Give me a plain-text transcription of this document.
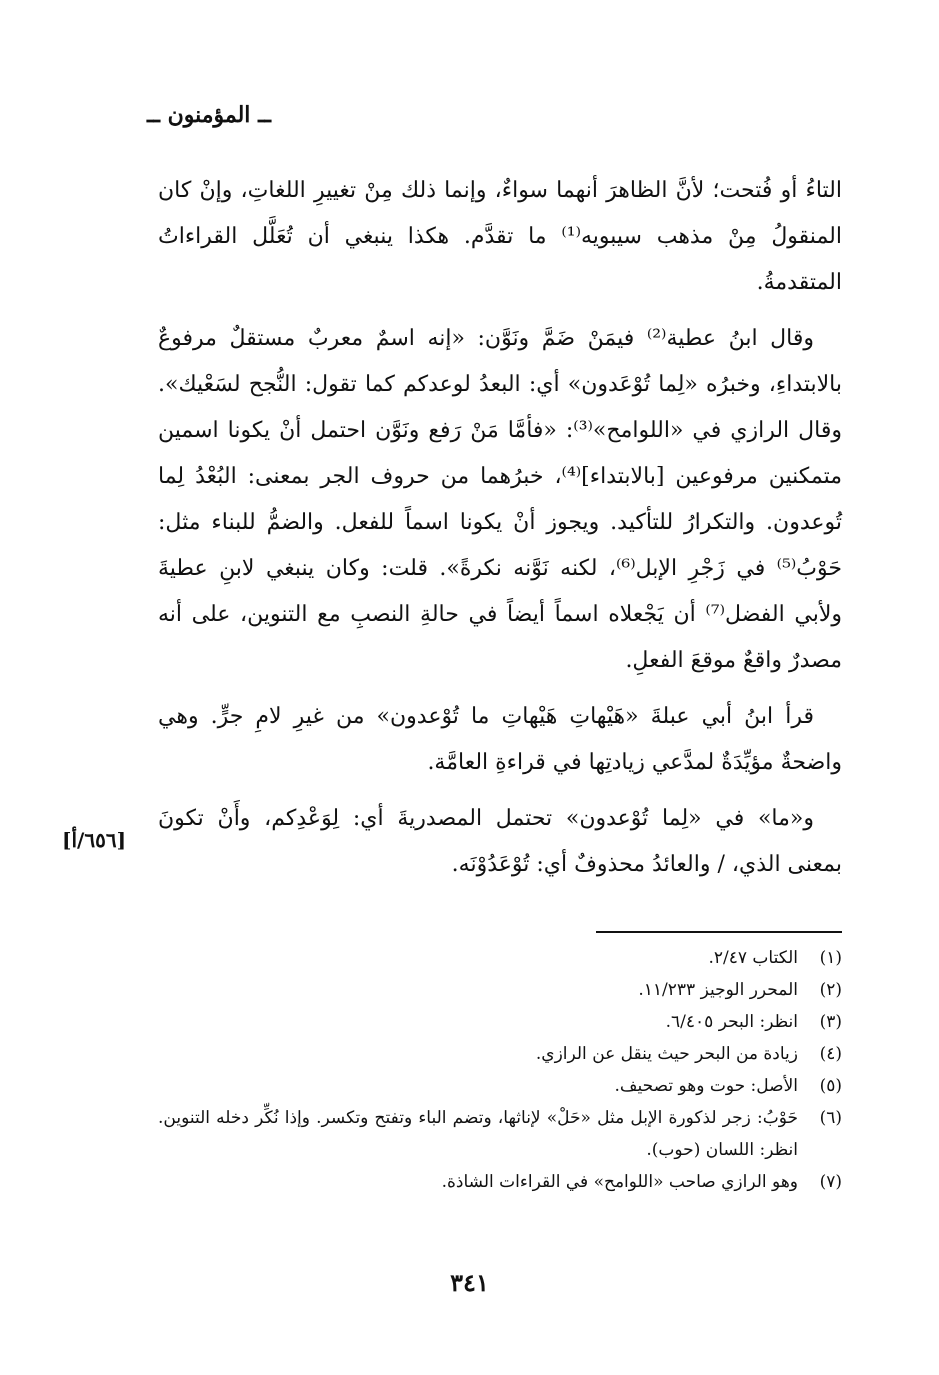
ــ المؤمنون ــ

التاءُ أو فُتحت؛ لأنَّ الظاهرَ أنهما سواءٌ، وإنما ذلك مِنْ تغييرِ اللغاتِ، وإنْ كان المنقولُ مِنْ مذهب سيبويه⁽¹⁾ ما تقدَّم. هكذا ينبغي أن تُعَلَّل القراءاتُ المتقدمةُ.

وقال ابنُ عطية⁽²⁾ فيمَنْ ضَمَّ ونَوَّن: «إنه اسمٌ معربٌ مستقلٌ مرفوعٌ بالابتداءِ، وخبرُه «لِما تُوْعَدون» أي: البعدُ لوعدكم كما تقول: النُّجح لسَعْيك». وقال الرازي في «اللوامح»⁽³⁾: «فأمَّا مَنْ رَفع ونَوَّن احتمل أنْ يكونا اسمين متمكنين مرفوعين [بالابتداء]⁽⁴⁾، خبرُهما من حروف الجر بمعنى: البُعْدُ لِما تُوعدون. والتكرارُ للتأكيد. ويجوز أنْ يكونا اسماً للفعل. والضمُّ للبناء مثل: حَوْبُ⁽⁵⁾ في زَجْرِ الإبل⁽⁶⁾، لكنه نَوَّنه نكرةً». قلت: وكان ينبغي لابنِ عطيةَ ولأبي الفضل⁽⁷⁾ أن يَجْعلاه اسماً أيضاً في حالةِ النصبِ مع التنوين، على أنه مصدرٌ واقعٌ موقعَ الفعلِ.

قرأ ابنُ أبي عبلةَ «هَيْهاتِ هَيْهاتِ ما تُوْعدون» من غيرِ لامِ جرٍّ. وهي واضحةٌ مؤيِّدَةٌ لمدَّعي زيادتِها في قراءةِ العامَّة.

و«ما» في «لِما تُوْعدون» تحتمل المصدريةَ أي: لِوَعْدِكم، وأَنْ تكونَ بمعنى الذي، / والعائدُ محذوفٌ أي: تُوْعَدُوْنَه.

[٦٥٦/أ]
(١)
الكتاب ٢/٤٧.
(٢)
المحرر الوجيز ١١/٢٣٣.
(٣)
انظر: البحر ٦/٤٠٥.
(٤)
زيادة من البحر حيث ينقل عن الرازي.
(٥)
الأصل: حوت وهو تصحيف.
(٦)
حَوْبُ: زجر لذكورة الإبل مثل «حَلْ» لإناثها، وتضم الباء وتفتح وتكسر. وإذا نُكِّر دخله التنوين. انظر: اللسان (حوب).
(٧)
وهو الرازي صاحب «اللوامح» في القراءات الشاذة.
٣٤١
